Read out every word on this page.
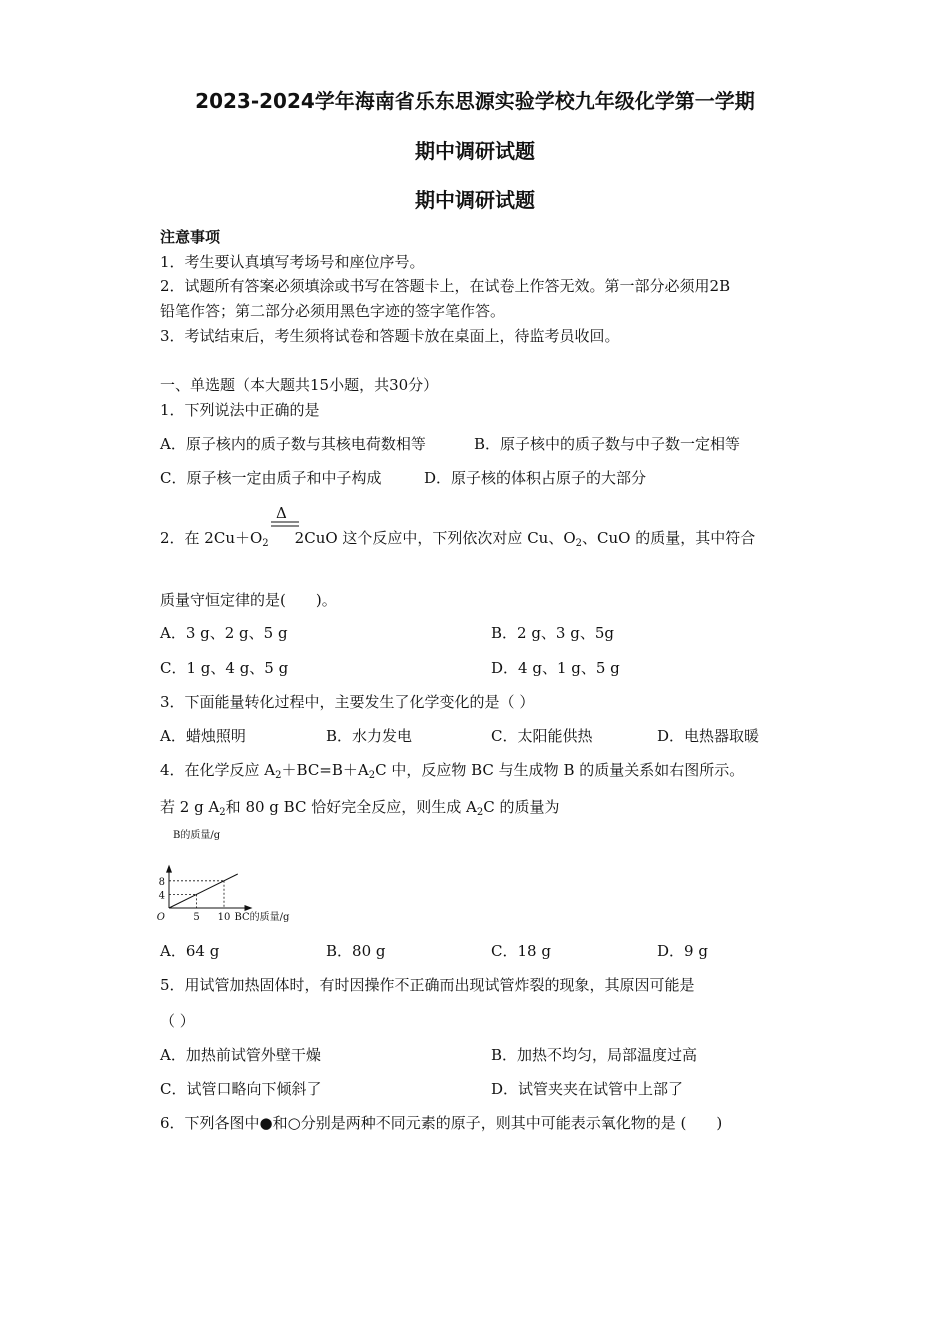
2023-2024学年海南省乐东思源实验学校九年级化学第一学期
期中调研试题
期中调研试题
注意事项
1．考生要认真填写考场号和座位序号。
2．试题所有答案必须填涂或书写在答题卡上，在试卷上作答无效。第一部分必须用2B
铅笔作答；第二部分必须用黑色字迹的签字笔作答。
3．考试结束后，考生须将试卷和答题卡放在桌面上，待监考员收回。
一、单选题（本大题共15小题，共30分）
1．下列说法中正确的是
A．原子核内的质子数与其核电荷数相等	B．原子核中的质子数与中子数一定相等
C．原子核一定由质子和中子构成	D．原子核的体积占原子的大部分
Δ
2．在 $2Cu+O_2$ 2CuO 这个反应中，下列依次对应 Cu、$O_2$、CuO 的质量，其中符合
质量守恒定律的是(　　)。
A．3 g、2 g、5 g	B．2 g、3 g、5g
C．1 g、4 g、5 g	D．4 g、1 g、5 g
3．下面能量转化过程中，主要发生了化学变化的是（ ）
A．蜡烛照明	B．水力发电	C．太阳能供热	D．电热器取暖
4．在化学反应 $A_2+BC=B+A_2C$ 中，反应物 BC 与生成物 B 的质量关系如右图所示。
若 2 g $A_2$和 80 g BC 恰好完全反应，则生成 $A_2C$ 的质量为
5 10
4
8
O
B的质量/g
BC的质量/g
A．64 g	B．80 g	C．18 g	D．9 g
5．用试管加热固体时，有时因操作不正确而出现试管炸裂的现象，其原因可能是
（ ）
A．加热前试管外壁干燥	B．加热不均匀，局部温度过高
C．试管口略向下倾斜了	D．试管夹夹在试管中上部了
6．下列各图中●和○分别是两种不同元素的原子，则其中可能表示氧化物的是 (　　)
